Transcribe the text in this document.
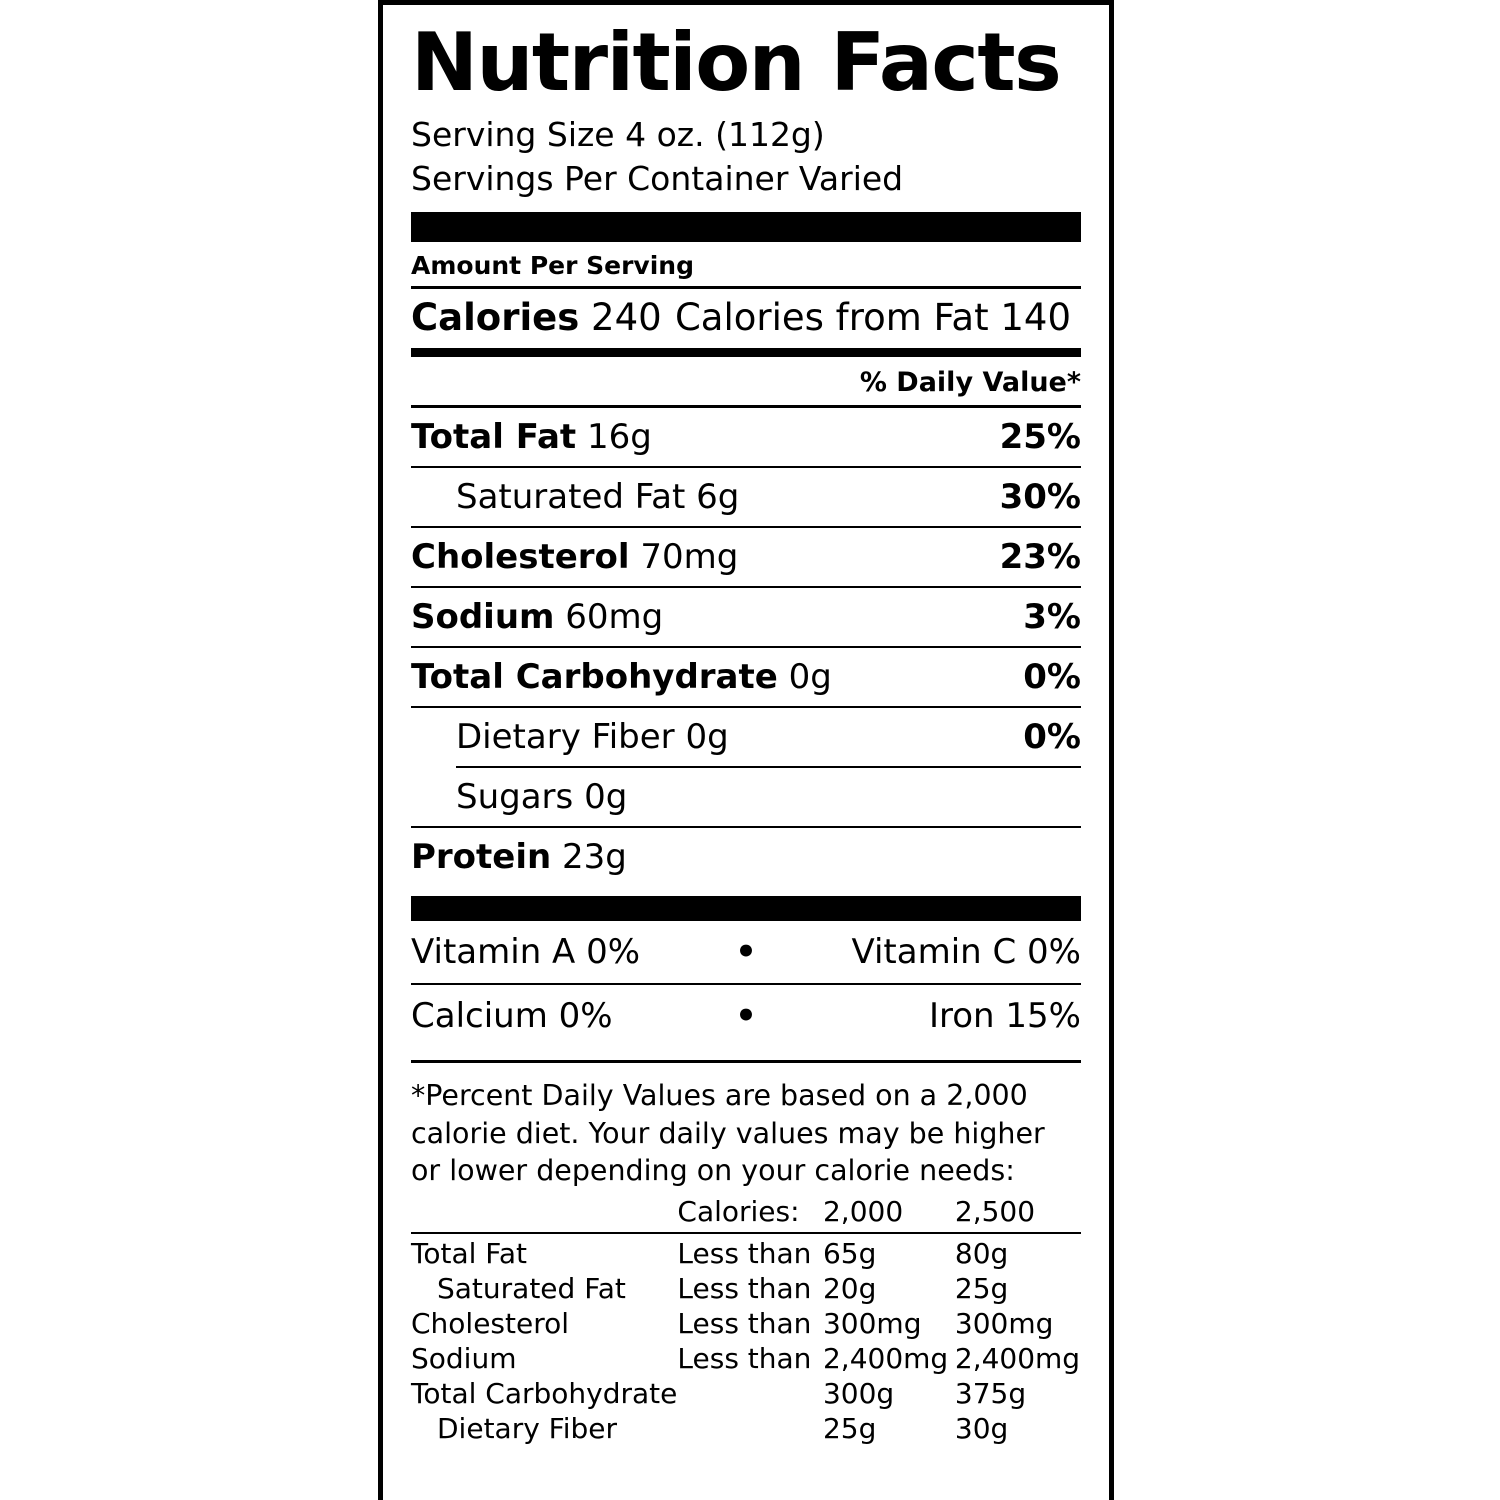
Nutrition Facts
Serving Size 4 oz. (112g)
Servings Per Container Varied
Amount Per Serving
Calories 240 Calories from Fat 140
% Daily Value*
Total Fat 16g	25%
Saturated Fat 6g	30%
Cholesterol 70mg	23%
Sodium 60mg	3%
Total Carbohydrate 0g	0%
Dietary Fiber 0g	0%
Sugars 0g
Protein 23g
Vitamin A 0%	•	Vitamin C 0%
Calcium 0%	•	Iron 15%
*Percent Daily Values are based on a 2,000 calorie diet. Your daily values may be higher or lower depending on your calorie needs:
	Calories:	2,000	2,500

Total Fat	Less than	65g	80g
Saturated Fat	Less than	20g	25g
Cholesterol	Less than	300mg	300mg
Sodium	Less than	2,400mg	2,400mg
Total Carbohydrate		300g	375g
Dietary Fiber		25g	30g
